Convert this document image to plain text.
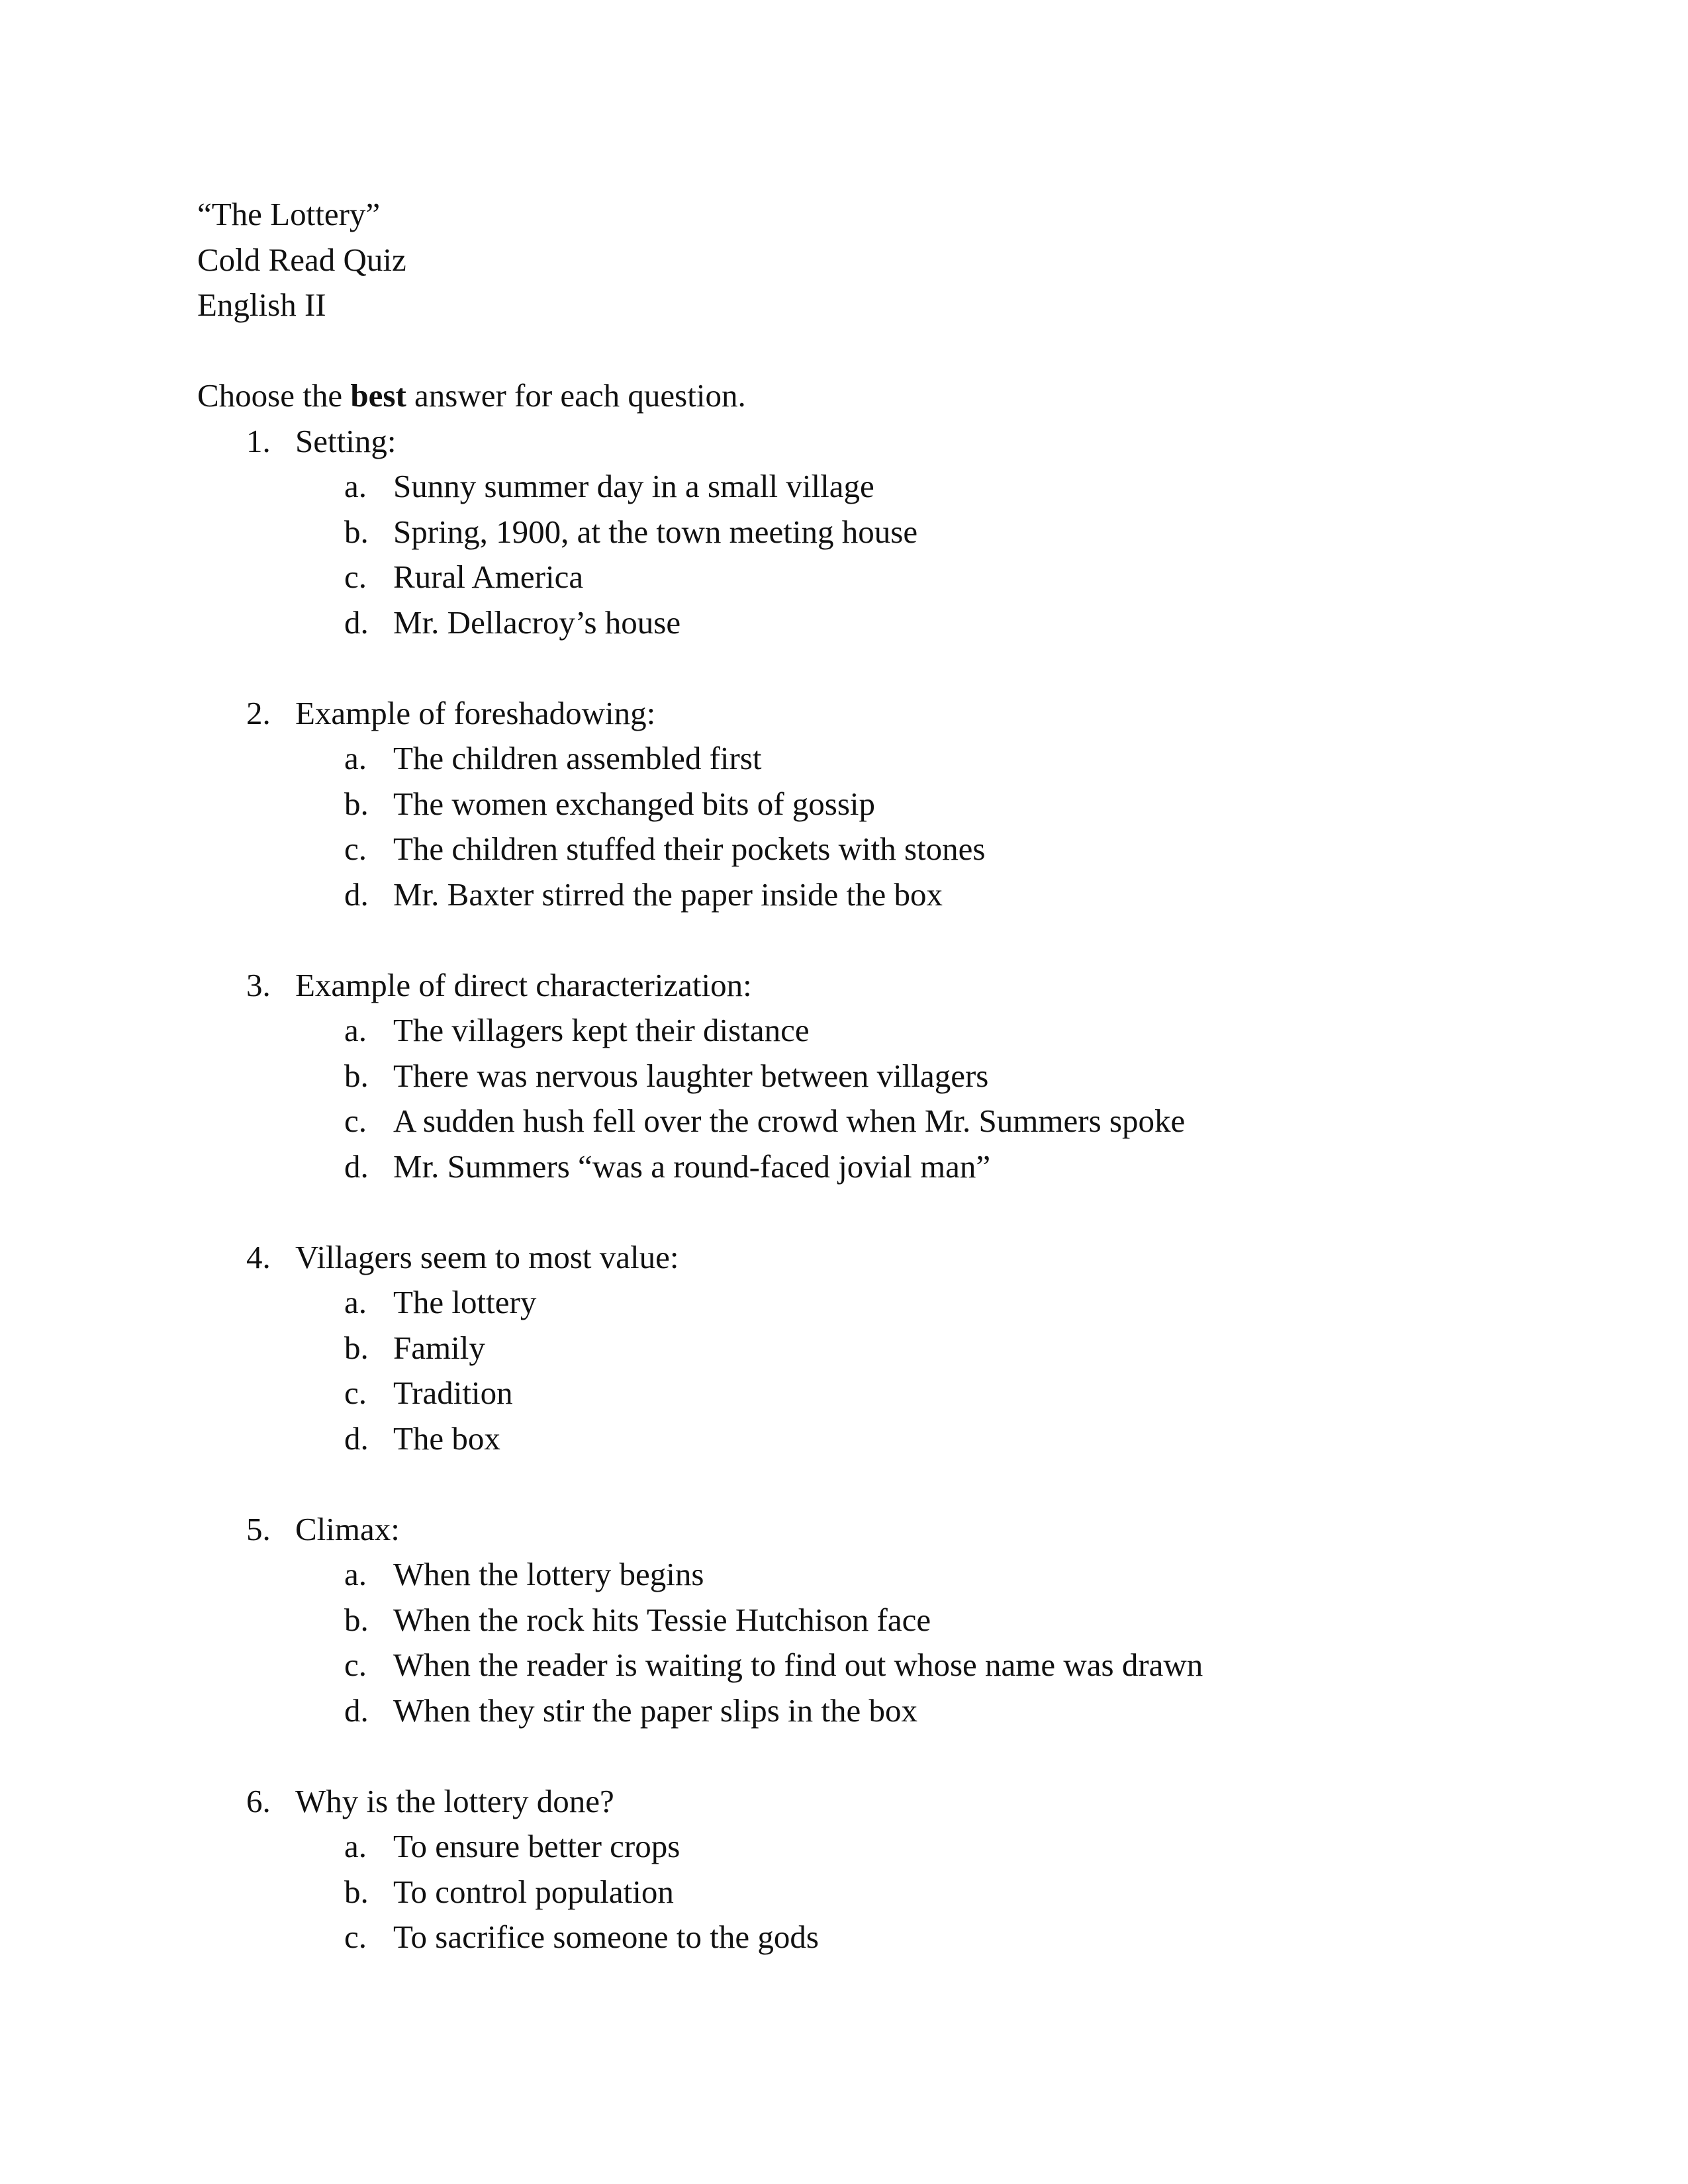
“The Lottery”
Cold Read Quiz
English II
Choose the best answer for each question.
1. Setting:
a. Sunny summer day in a small village
b. Spring, 1900, at the town meeting house
c. Rural America
d. Mr. Dellacroy’s house
2. Example of foreshadowing:
a. The children assembled first
b. The women exchanged bits of gossip
c. The children stuffed their pockets with stones
d. Mr. Baxter stirred the paper inside the box
3. Example of direct characterization:
a. The villagers kept their distance
b. There was nervous laughter between villagers
c. A sudden hush fell over the crowd when Mr. Summers spoke
d. Mr. Summers “was a round-faced jovial man”
4. Villagers seem to most value:
a. The lottery
b. Family
c. Tradition
d. The box
5. Climax:
a. When the lottery begins
b. When the rock hits Tessie Hutchison face
c. When the reader is waiting to find out whose name was drawn
d. When they stir the paper slips in the box
6. Why is the lottery done?
a. To ensure better crops
b. To control population
c. To sacrifice someone to the gods
